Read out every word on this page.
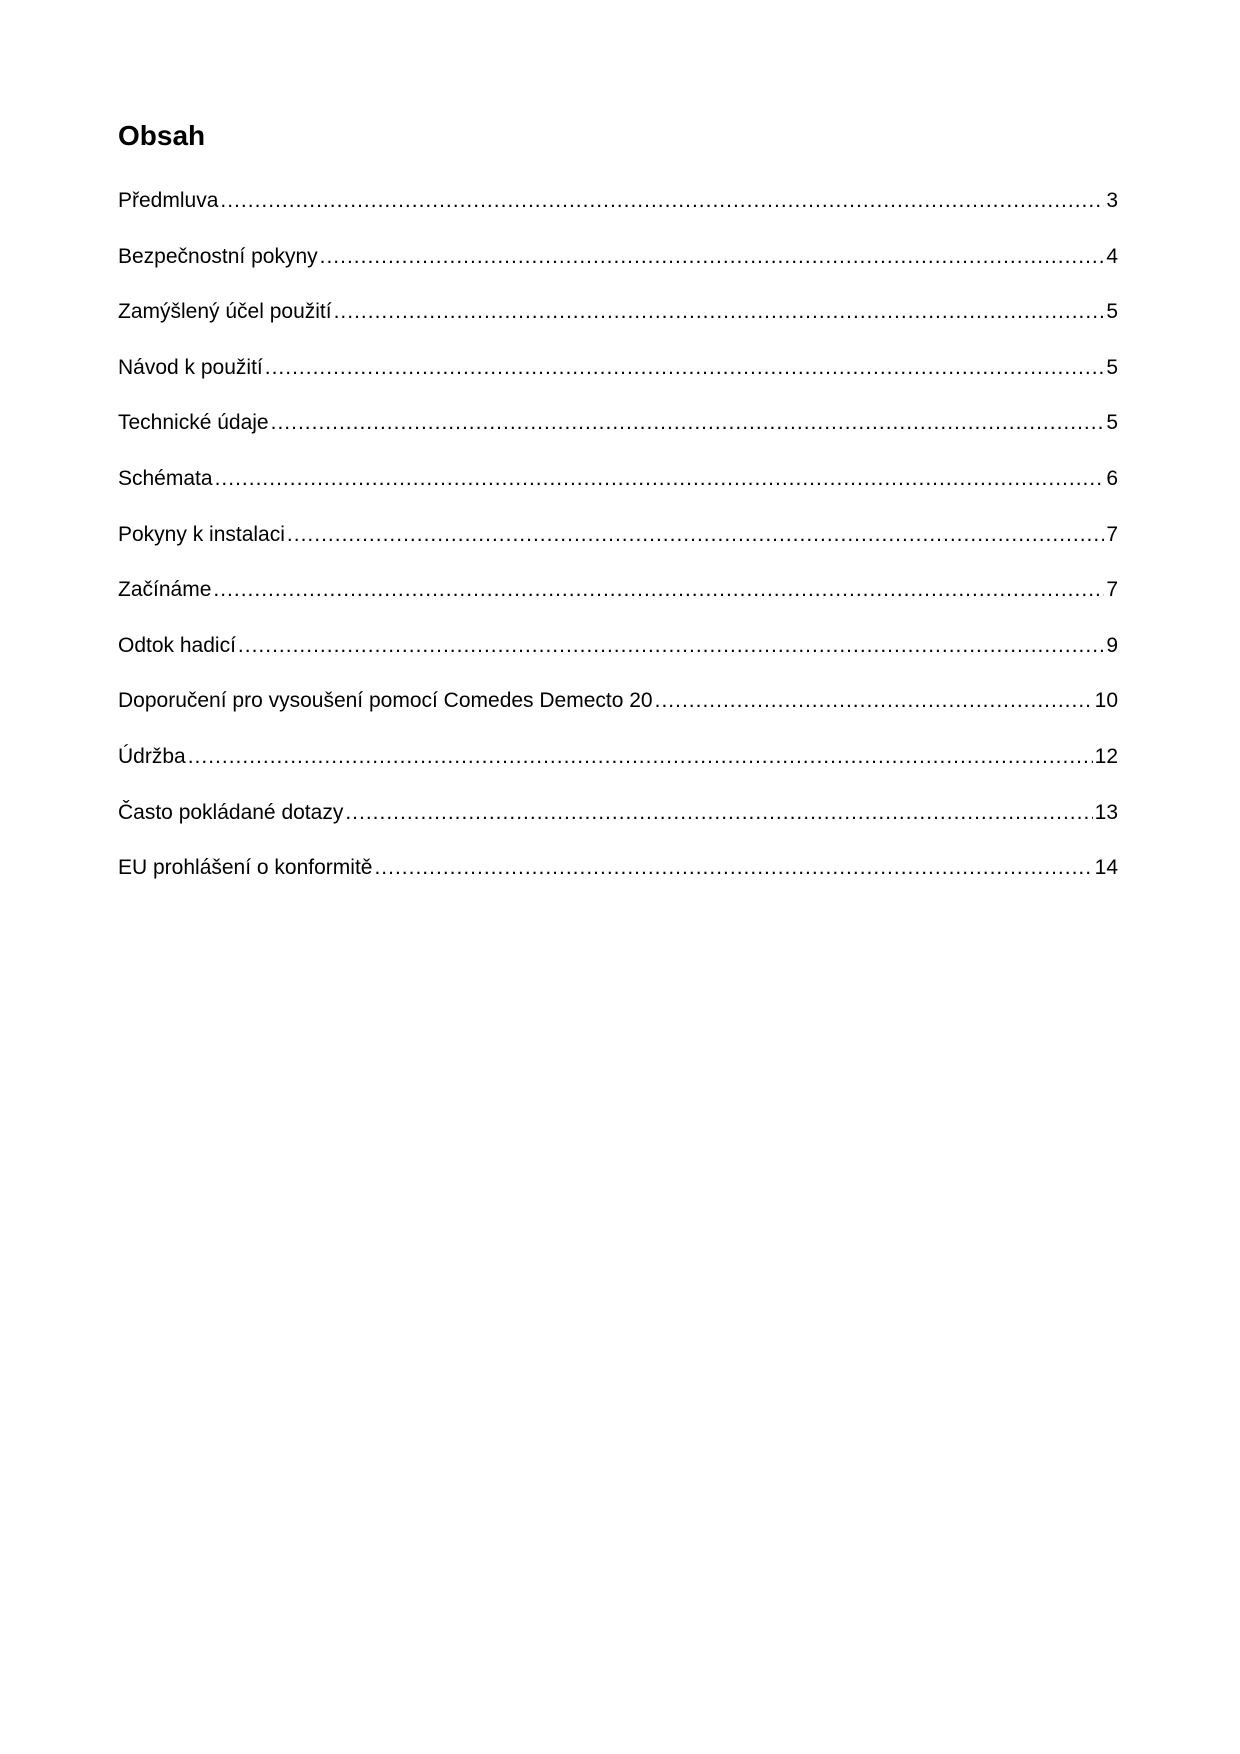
Obsah
Předmluva .....	3
Bezpečnostní pokyny .....	4
Zamýšlený účel použití .....	5
Návod k použití .....	5
Technické údaje .....	5
Schémata .....	6
Pokyny k instalaci .....	7
Začínáme .....	7
Odtok hadicí .....	9
Doporučení pro vysoušení pomocí Comedes Demecto 20 .....	10
Údržba .....	12
Často pokládané dotazy .....	13
EU prohlášení o konformitě .....	14
